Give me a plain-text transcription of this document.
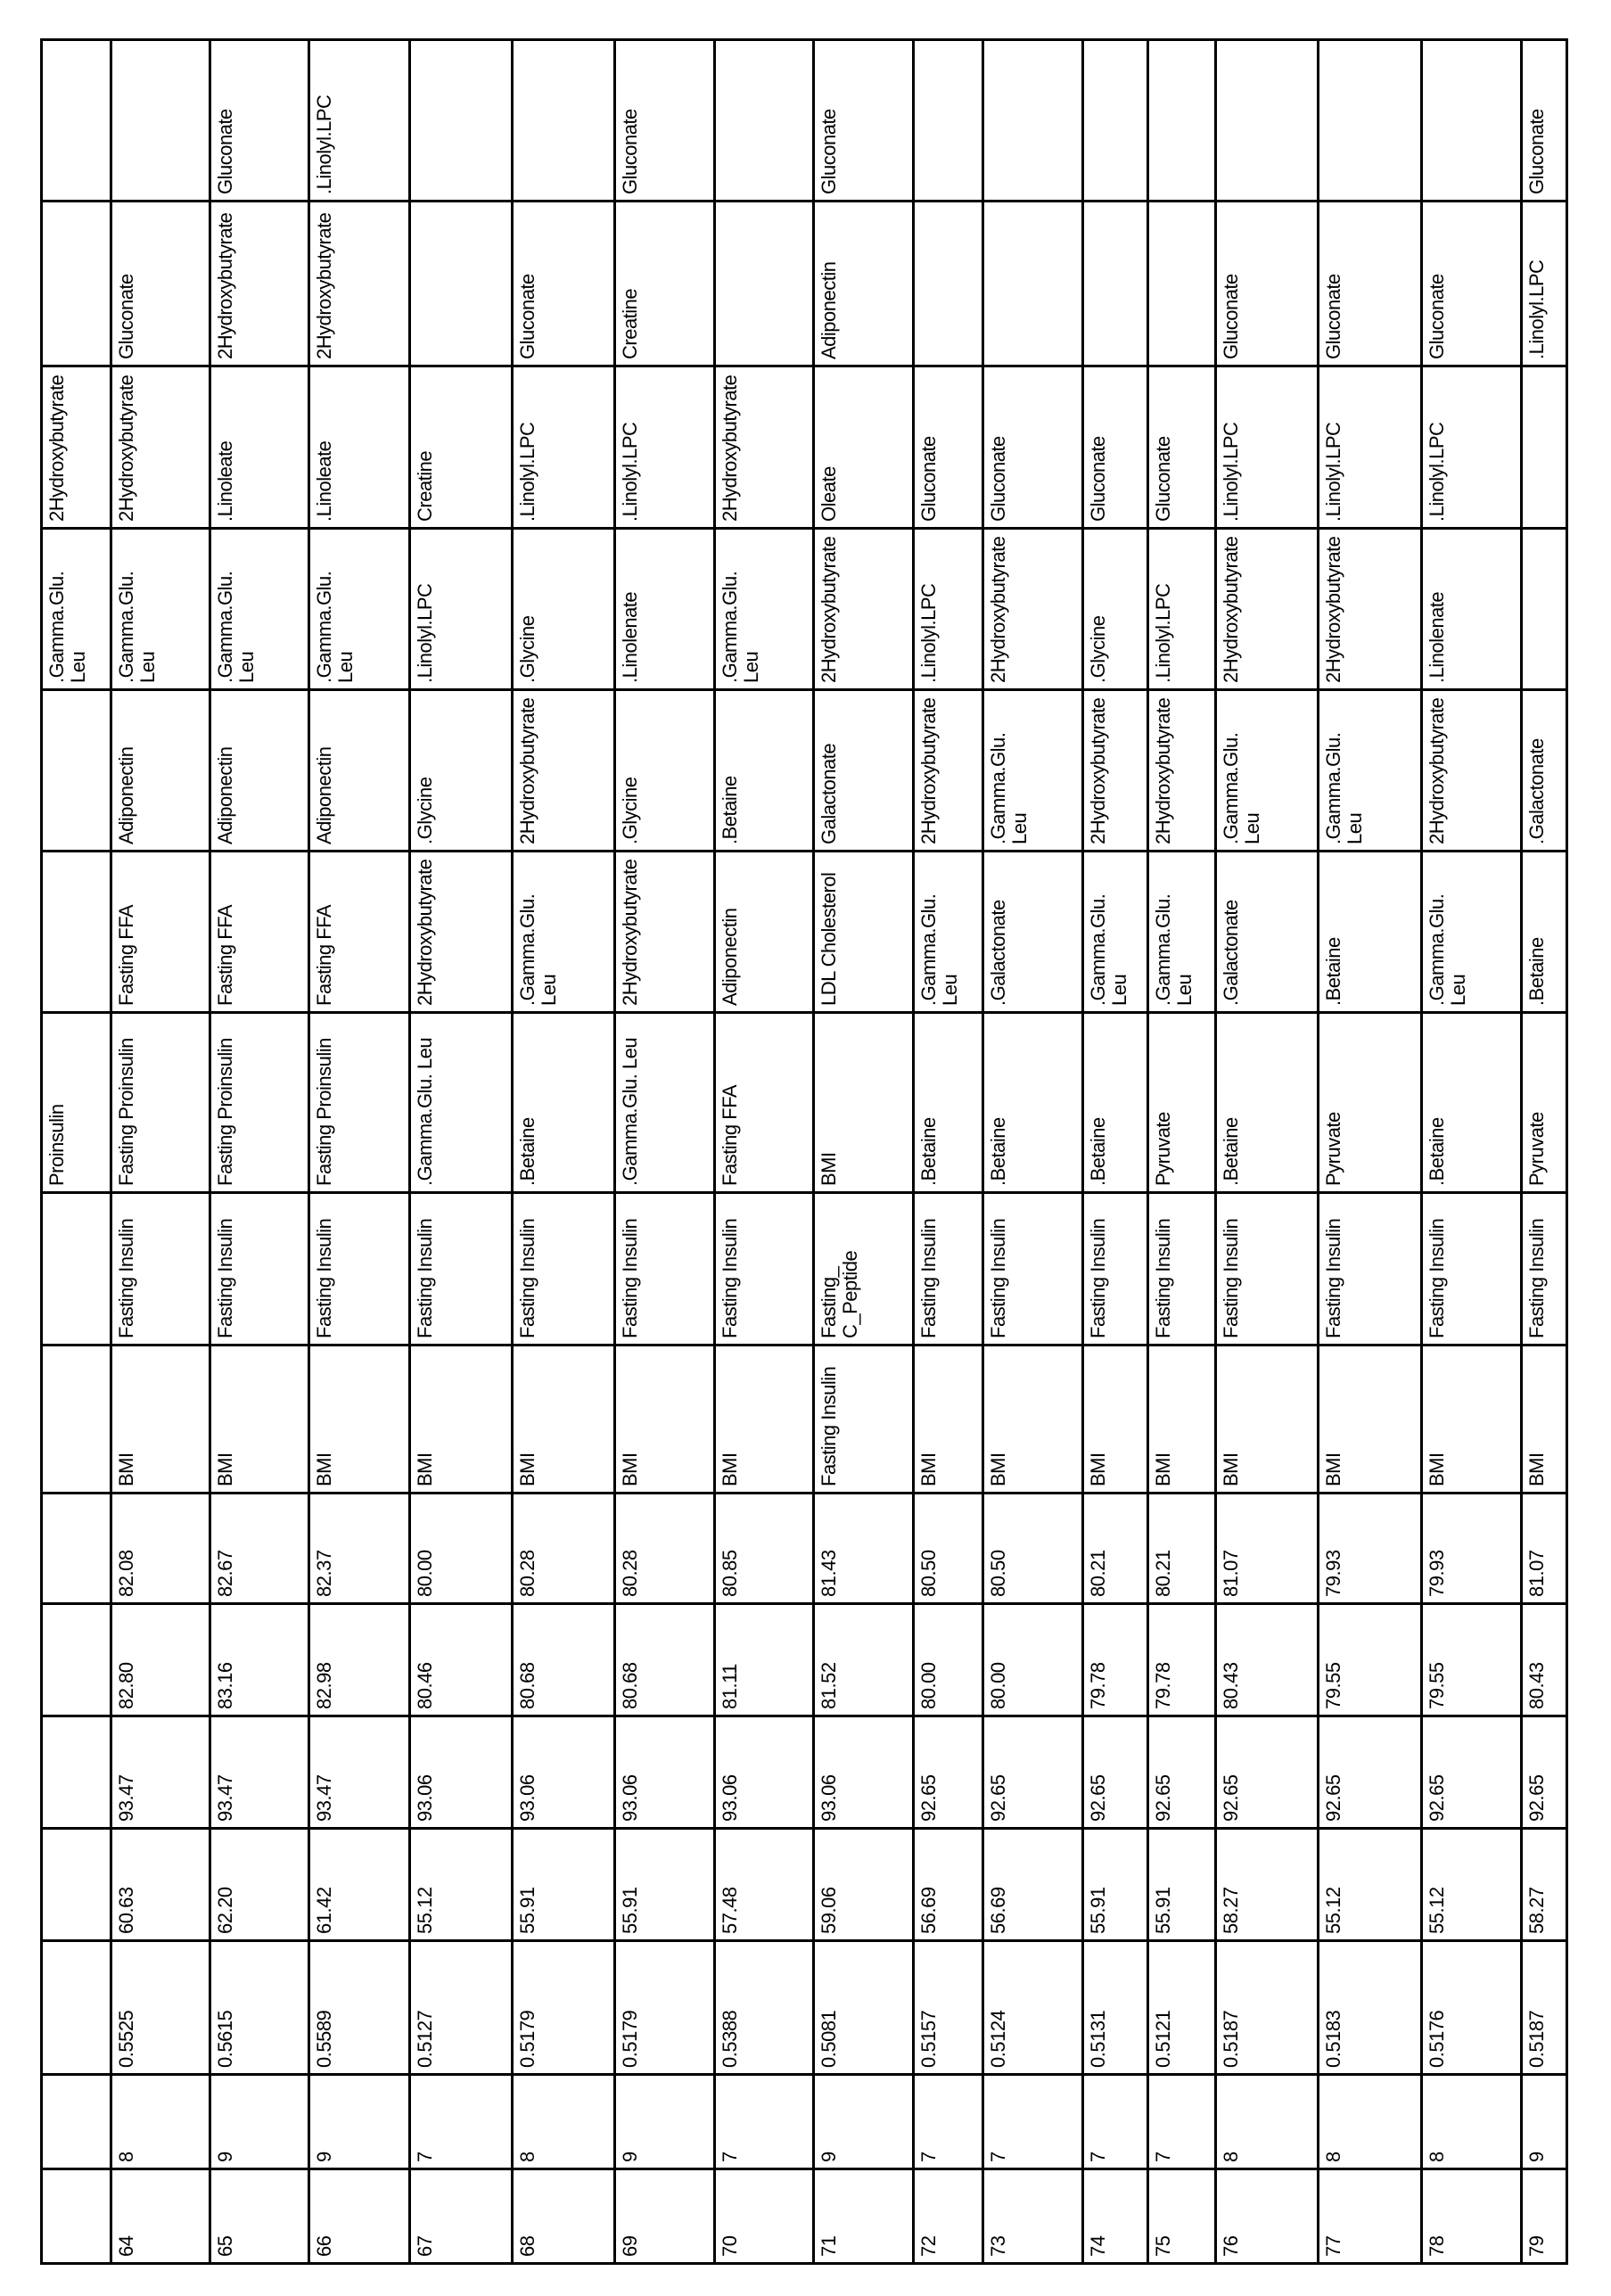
									Proinsulin			.Gamma.Glu. Leu	2Hydroxybutyrate		
64	8	0.5525	60.63	93.47	82.80	82.08	BMI	Fasting Insulin	Fasting Proinsulin	Fasting FFA	Adiponectin	.Gamma.Glu. Leu	2Hydroxybutyrate	Gluconate	
65	9	0.5615	62.20	93.47	83.16	82.67	BMI	Fasting Insulin	Fasting Proinsulin	Fasting FFA	Adiponectin	.Gamma.Glu. Leu	.Linoleate	2Hydroxybutyrate	Gluconate
66	9	0.5589	61.42	93.47	82.98	82.37	BMI	Fasting Insulin	Fasting Proinsulin	Fasting FFA	Adiponectin	.Gamma.Glu. Leu	.Linoleate	2Hydroxybutyrate	.Linolyl.LPC
67	7	0.5127	55.12	93.06	80.46	80.00	BMI	Fasting Insulin	.Gamma.Glu. Leu	2Hydroxybutyrate	.Glycine	.Linolyl.LPC	Creatine		
68	8	0.5179	55.91	93.06	80.68	80.28	BMI	Fasting Insulin	.Betaine	.Gamma.Glu. Leu	2Hydroxybutyrate	.Glycine	.Linolyl.LPC	Gluconate	
69	9	0.5179	55.91	93.06	80.68	80.28	BMI	Fasting Insulin	.Gamma.Glu. Leu	2Hydroxybutyrate	.Glycine	.Linolenate	.Linolyl.LPC	Creatine	Gluconate
70	7	0.5388	57.48	93.06	81.11	80.85	BMI	Fasting Insulin	Fasting FFA	Adiponectin	.Betaine	.Gamma.Glu. Leu	2Hydroxybutyrate		
71	9	0.5081	59.06	93.06	81.52	81.43	Fasting Insulin	Fasting_ C_Peptide	BMI	LDL Cholesterol	Galactonate	2Hydroxybutyrate	Oleate	Adiponectin	Gluconate
72	7	0.5157	56.69	92.65	80.00	80.50	BMI	Fasting Insulin	.Betaine	.Gamma.Glu. Leu	2Hydroxybutyrate	.Linolyl.LPC	Gluconate		
73	7	0.5124	56.69	92.65	80.00	80.50	BMI	Fasting Insulin	.Betaine	.Galactonate	.Gamma.Glu. Leu	2Hydroxybutyrate	Gluconate		
74	7	0.5131	55.91	92.65	79.78	80.21	BMI	Fasting Insulin	.Betaine	.Gamma.Glu. Leu	2Hydroxybutyrate	.Glycine	Gluconate		
75	7	0.5121	55.91	92.65	79.78	80.21	BMI	Fasting Insulin	Pyruvate	.Gamma.Glu. Leu	2Hydroxybutyrate	.Linolyl.LPC	Gluconate		
76	8	0.5187	58.27	92.65	80.43	81.07	BMI	Fasting Insulin	.Betaine	.Galactonate	.Gamma.Glu. Leu	2Hydroxybutyrate	.Linolyl.LPC	Gluconate	
77	8	0.5183	55.12	92.65	79.55	79.93	BMI	Fasting Insulin	Pyruvate	.Betaine	.Gamma.Glu. Leu	2Hydroxybutyrate	.Linolyl.LPC	Gluconate	
78	8	0.5176	55.12	92.65	79.55	79.93	BMI	Fasting Insulin	.Betaine	.Gamma.Glu. Leu	2Hydroxybutyrate	.Linolenate	.Linolyl.LPC	Gluconate	
79	9	0.5187	58.27	92.65	80.43	81.07	BMI	Fasting Insulin	Pyruvate	.Betaine	.Galactonate			.Linolyl.LPC	Gluconate
